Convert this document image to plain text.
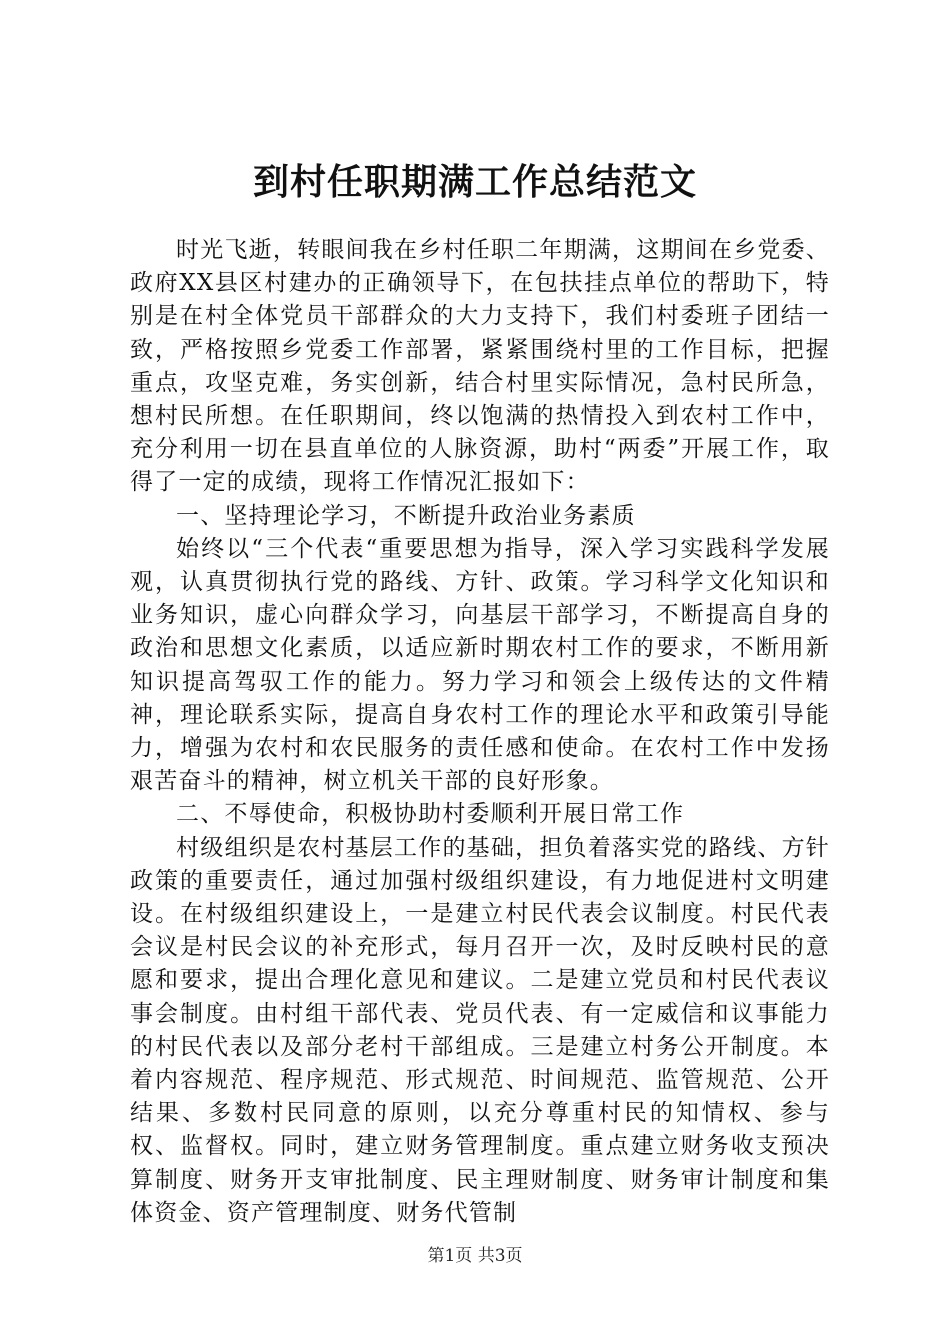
到村任职期满工作总结范文

时光飞逝，转眼间我在乡村任职二年期满，这期间在乡党委、政府XX县区村建办的正确领导下，在包扶挂点单位的帮助下，特别是在村全体党员干部群众的大力支持下，我们村委班子团结一致，严格按照乡党委工作部署，紧紧围绕村里的工作目标，把握重点，攻坚克难，务实创新，结合村里实际情况，急村民所急，想村民所想。在任职期间，终以饱满的热情投入到农村工作中，充分利用一切在县直单位的人脉资源，助村“两委”开展工作，取得了一定的成绩，现将工作情况汇报如下：

一、坚持理论学习，不断提升政治业务素质

始终以“三个代表“重要思想为指导，深入学习实践科学发展观，认真贯彻执行党的路线、方针、政策。学习科学文化知识和业务知识，虚心向群众学习，向基层干部学习，不断提高自身的政治和思想文化素质，以适应新时期农村工作的要求，不断用新知识提高驾驭工作的能力。努力学习和领会上级传达的文件精神，理论联系实际，提高自身农村工作的理论水平和政策引导能力，增强为农村和农民服务的责任感和使命。在农村工作中发扬艰苦奋斗的精神，树立机关干部的良好形象。

二、不辱使命，积极协助村委顺利开展日常工作

村级组织是农村基层工作的基础，担负着落实党的路线、方针政策的重要责任，通过加强村级组织建设，有力地促进村文明建设。在村级组织建设上，一是建立村民代表会议制度。村民代表会议是村民会议的补充形式，每月召开一次，及时反映村民的意愿和要求，提出合理化意见和建议。二是建立党员和村民代表议事会制度。由村组干部代表、党员代表、有一定威信和议事能力的村民代表以及部分老村干部组成。三是建立村务公开制度。本着内容规范、程序规范、形式规范、时间规范、监管规范、公开结果、多数村民同意的原则，以充分尊重村民的知情权、参与权、监督权。同时，建立财务管理制度。重点建立财务收支预决算制度、财务开支审批制度、民主理财制度、财务审计制度和集体资金、资产管理制度、财务代管制

第1页 共3页
